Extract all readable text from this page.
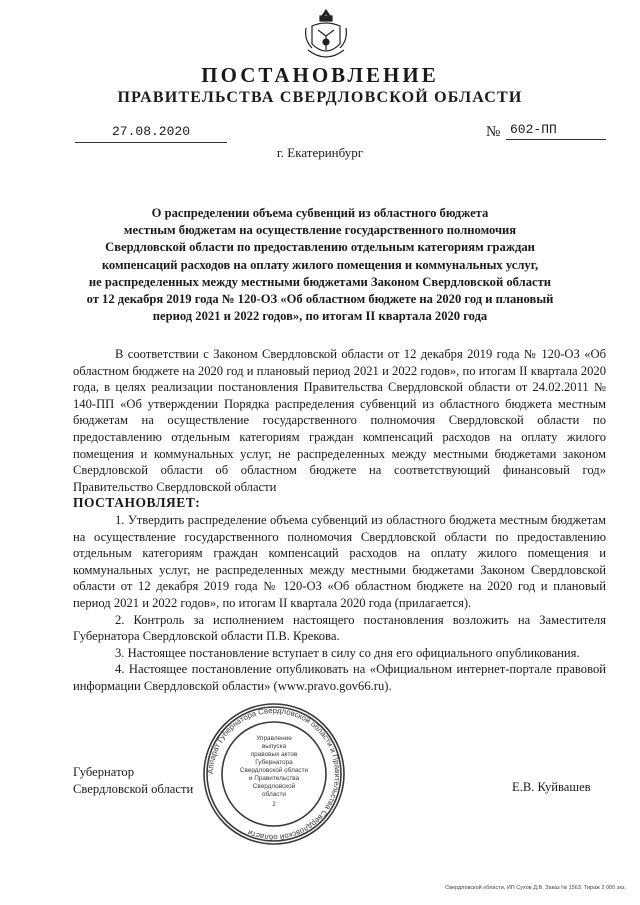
ПОСТАНОВЛЕНИЕ
ПРАВИТЕЛЬСТВА СВЕРДЛОВСКОЙ ОБЛАСТИ
27.08.2020	№ 602-ПП
г. Екатеринбург
О распределении объема субвенций из областного бюджета
местным бюджетам на осуществление государственного полномочия
Свердловской области по предоставлению отдельным категориям граждан
компенсаций расходов на оплату жилого помещения и коммунальных услуг,
не распределенных между местными бюджетами Законом Свердловской области
от 12 декабря 2019 года № 120-ОЗ «Об областном бюджете на 2020 год и плановый
период 2021 и 2022 годов», по итогам II квартала 2020 года

В соответствии с Законом Свердловской области от 12 декабря 2019 года № 120-ОЗ «Об областном бюджете на 2020 год и плановый период 2021 и 2022 годов», по итогам II квартала 2020 года, в целях реализации постановления Правительства Свердловской области от 24.02.2011 № 140-ПП «Об утверждении Порядка распределения субвенций из областного бюджета местным бюджетам на осуществление государственного полномочия Свердловской области по предоставлению отдельным категориям граждан компенсаций расходов на оплату жилого помещения и коммунальных услуг, не распределенных между местными бюджетами законом Свердловской области об областном бюджете на соответствующий финансовый год» Правительство Свердловской области

ПОСТАНОВЛЯЕТ:

1. Утвердить распределение объема субвенций из областного бюджета местным бюджетам на осуществление государственного полномочия Свердловской области по предоставлению отдельным категориям граждан компенсаций расходов на оплату жилого помещения и коммунальных услуг, не распределенных между местными бюджетами Законом Свердловской области от 12 декабря 2019 года № 120-ОЗ «Об областном бюджете на 2020 год и плановый период 2021 и 2022 годов», по итогам II квартала 2020 года (прилагается).

2. Контроль за исполнением настоящего постановления возложить на Заместителя Губернатора Свердловской области П.В. Крекова.

3. Настоящее постановление вступает в силу со дня его официального опубликования.

4. Настоящее постановление опубликовать на «Официальном интернет-портале правовой информации Свердловской области» (www.pravo.gov66.ru).

Губернатор
Свердловской области	Е.В. Куйвашев
Аппарат Губернатора Свердловской области и Правительства Свердловской области
Управление
выпуска
правовых актов
Губернатора
Свердловской области
и Правительства
Свердловской
области
2
Свердловской области, ИП Сухов Д.В. Заказ № 1563. Тираж 2 000 экз.
